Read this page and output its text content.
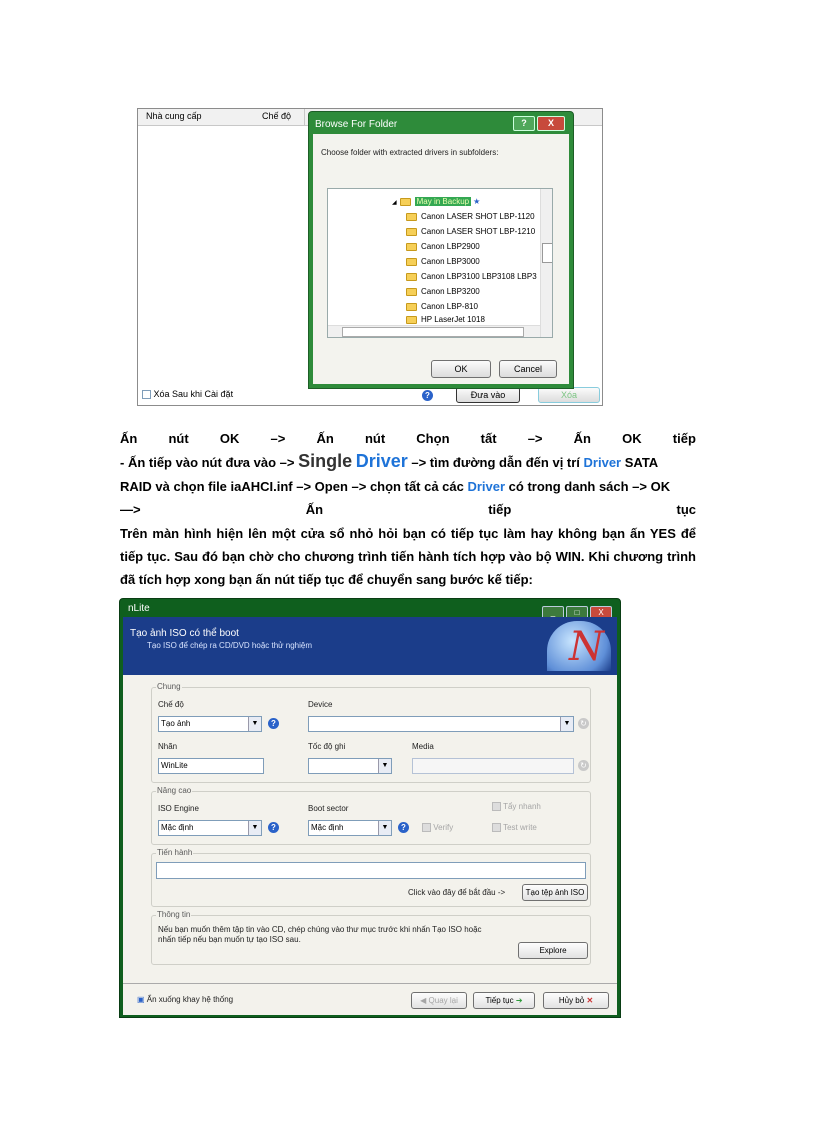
Nhà cung cấp	Chế độ
Xóa Sau khi Cài đặt	?	Đưa vào	Xóa
Browse For Folder	?	X
Choose folder with extracted drivers in subfolders:
◢	May in Backup ★
Canon LASER SHOT LBP-1120
Canon LASER SHOT LBP-1210
Canon LBP2900
Canon LBP3000
Canon LBP3100 LBP3108 LBP3
Canon LBP3200
Canon LBP-810
HP LaserJet 1018
OK	Cancel
Ấn nút OK –> Ấn nút Chọn tất –> Ấn OK tiếp
- Ấn tiếp vào nút đưa vào –> Single Driver –> tìm đường dẫn đến vị trí Driver SATA
RAID và chọn file iaAHCI.inf –> Open –> chọn tất cả các Driver có trong danh sách –> OK
—>	Ấn	tiếp	tục
Trên màn hình hiện lên một cửa sổ nhỏ hỏi bạn có tiếp tục làm hay không bạn ấn YES để tiếp tục. Sau đó bạn chờ cho chương trình tiến hành tích hợp vào bộ WIN. Khi chương trình đã tích hợp xong bạn ấn nút tiếp tục để chuyển sang bước kế tiếp:
nLite	_ □ X
Tạo ảnh ISO có thể boot
Tạo ISO để chép ra CD/DVD hoặc thử nghiệm	N
Chung
Chế độ
Tạo ảnh	▼	?
Device
▼	↻
Nhãn
WinLite
Tốc độ ghi
▼
Media
↻
Nâng cao
ISO Engine
Mặc định	▼	?
Boot sector
Mặc định	▼	?	Verify
Tẩy nhanh
Test write
Tiến hành
Click vào đây để bắt đầu ->	Tạo tệp ảnh ISO
Thông tin
Nếu bạn muốn thêm tập tin vào CD, chép chúng vào thư mục trước khi nhấn Tạo ISO hoặc
nhấn tiếp nếu bạn muốn tự tạo ISO sau.
Explore
▣ Ẩn xuống khay hệ thống	◀ Quay lại	Tiếp tục ➔	Hủy bỏ ✕
